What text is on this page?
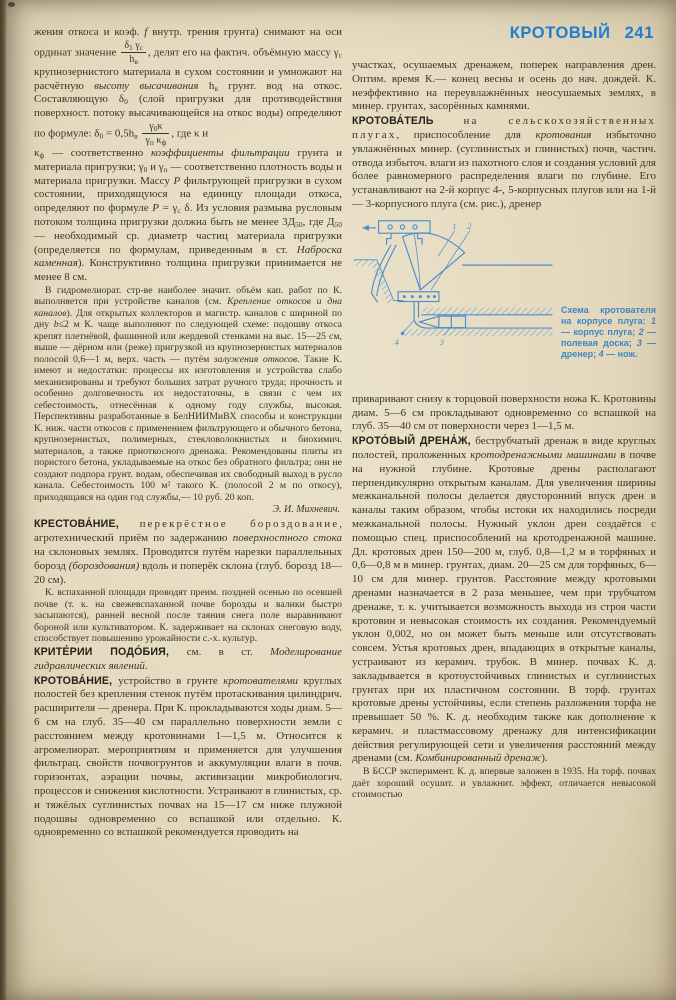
жения откоса и коэф. f внутр. трения грунта) снимают на оси ординат значение $\frac{\delta_1 \gamma_с}{h_в}$ , делят его на фактич. объёмную массу $\gamma_с$ крупнозернистого материала в сухом состоянии и умножают на расчётную высоту высачивания $h_в$ грунт. вод на откос. Составляющую $\delta_0$ (слой пригрузки для противодействия поверхност. потоку высачивающейся на откос воды) определяют по формуле: $\delta_0 = 0,5h_в \frac{\gamma_0\kappa}{\gamma_п \kappa_ф}$ , где κ и

$\kappa_ф$ — соответственно коэффициенты фильтрации грунта и материала пригрузки; $\gamma_0$ и $\gamma_п$ — соответственно плотность воды и материала пригрузки. Массу P фильтрующей пригрузки в сухом состоянии, приходящуюся на единицу площади откоса, определяют по формуле $P = \gamma_с$ δ. Из условия размыва русловым потоком толщина пригрузки должна быть не менее $3Д_{50}$, где $Д_{50}$ — необходимый ср. диаметр частиц материала пригрузки (определяется по формулам, приведенным в ст. Наброска каменная). Конструктивно толщина пригрузки принимается не менее 8 см.

В гидромелиорат. стр-ве наиболее значит. объём кап. работ по К. выполняется при устройстве каналов (см. Крепление откосов и дна каналов). Для открытых коллекторов и магистр. каналов с шириной по дну b≤2 м К. чаще выполняют по следующей схеме: подошву откоса крепят плетнёвой, фашинной или жердевой стенками на выс. 15—25 см, выше — дёрном или (реже) пригрузкой из крупнозернистых материалов полосой 0,6—1 м, верх. часть — путём залужения откосов. Такие К. имеют и недостатки: процессы их изготовления и устройства слабо механизированы и требуют больших затрат ручного труда; прочность и особенно долговечность их недостаточны, в связи с чем их себестоимость, отнесённая к одному году службы, высокая. Перспективны разработанные в БелНИИМиВХ способы и конструкции К. ниж. части откосов с применением фильтрующего и обычного бетона, крупнозернистых, полимерных, стекловолокнистых и биохимич. материалов, а также приоткосного дренажа. Рекомендованы плиты из пористого бетона, укладываемые на откос без обратного фильтра; они не создают подпора грунт. водам, обеспечивая их свободный выход в русло канала. Себестоимость 100 м² такого К. (полосой 2 м по откосу), приходящаяся на один год службы,— 10 руб. 20 коп.

Э. И. Михневич.

КРЕСТОВА́НИЕ, перекрёстное бороздование, агротехнический приём по задержанию поверхностного стока на склоновых землях. Проводится путём нарезки параллельных борозд (бороздования) вдоль и поперёк склона (глуб. борозд 18—20 см).

К. вспаханной площади проводят преим. поздней осенью по осевшей почве (т. к. на свежевспаханной почве борозды и валики быстро засыпаются), ранней весной после таяния снега поле выравнивают бороной или культиватором. К. задерживает на склонах снеговую воду, способствует повышению урожайности с.-х. культур.

КРИТЕ́РИИ ПОДО́БИЯ, см. в ст. Моделирование гидравлических явлений.

КРОТОВА́НИЕ, устройство в грунте кротователями круглых полостей без крепления стенок путём протаскивания цилиндрич. расширителя — дренера. При К. прокладываются ходы диам. 5—6 см на глуб. 35—40 см параллельно поверхности земли с расстоянием между кротовинами 1—1,5 м. Относится к агромелиорат. мероприятиям и применяется для улучшения фильтрац. свойств почвогрунтов и аккумуляции влаги в почв. горизонтах, аэрации почвы, активизации микробиологич. процессов и снижения кислотности. Устраивают в глинистых, ср. и тяжёлых суглинистых почвах на 15—17 см ниже плужной подошвы одновременно со вспашкой или отдельно. К. одновременно со вспашкой рекомендуется проводить на

КРОТОВЫЙ 241

участках, осушаемых дренажем, поперек направления дрен. Оптим. время К.— конец весны и осень до нач. дождей. К. неэффективно на переувлажнённых неосушаемых землях, в минер. грунтах, засорённых камнями.

КРОТОВА́ТЕЛЬ на сельскохозяйственных плугах, приспособление для кротования избыточно увлажнённых минер. (суглинистых и глинистых) почв, частич. отвода избыточ. влаги из пахотного слоя и создания условий для более равномерного распределения влаги по глубине. Его устанавливают на 2-й корпус 4-, 5-корпусных плугов или на 1-й — 3-корпусного плуга (см. рис.), дренер

1 2
3
4
Схема кротователя на корпусе плуга: 1 — корпус плуга; 2 — полевая доска; 3 — дренер; 4 — нож.

приваривают снизу к торцовой поверхности ножа К. Кротовины диам. 5—6 см прокладывают одновременно со вспашкой на глуб. 35—40 см от поверхности через 1—1,5 м.

КРОТО́ВЫЙ ДРЕНА́Ж, беструбчатый дренаж в виде круглых полостей, проложенных кротодренажными машинами в почве на нужной глубине. Кротовые дрены располагают перпендикулярно открытым каналам. Для увеличения ширины межканальной полосы делается двусторонний впуск дрен в каналы таким образом, чтобы истоки их находились посреди межканальной полосы. Нужный уклон дрен создаётся с помощью спец. приспособлений на кротодренажной машине. Дл. кротовых дрен 150—200 м, глуб. 0,8—1,2 м в торфяных и 0,6—0,8 м в минер. грунтах, диам. 20—25 см для торфяных, 6—10 см для минер. грунтов. Расстояние между кротовыми дренами назначается в 2 раза меньшее, чем при трубчатом дренаже, т. к. учитывается возможность выхода из строя части кротовин и невысокая стоимость их создания. Рекомендуемый уклон 0,002, но он может быть меньше или отсутствовать совсем. Устья кротовых дрен, впадающих в открытые каналы, устраивают из керамич. трубок. В минер. почвах К. д. закладывается в кротоустойчивых глинистых и суглинистых грунтах при их пластичном состоянии. В торф. грунтах кротовые дрены устойчивы, если степень разложения торфа не превышает 50 %. К. д. необходим также как дополнение к керамич. и пластмассовому дренажу для интенсификации действия регулирующей сети и увеличения расстояний между дренами (см. Комбинированный дренаж).

В БССР эксперимент. К. д. впервые заложен в 1935. На торф. почвах даёт хороший осушит. и увлажнит. эффект, отличается невысокой стоимостью
